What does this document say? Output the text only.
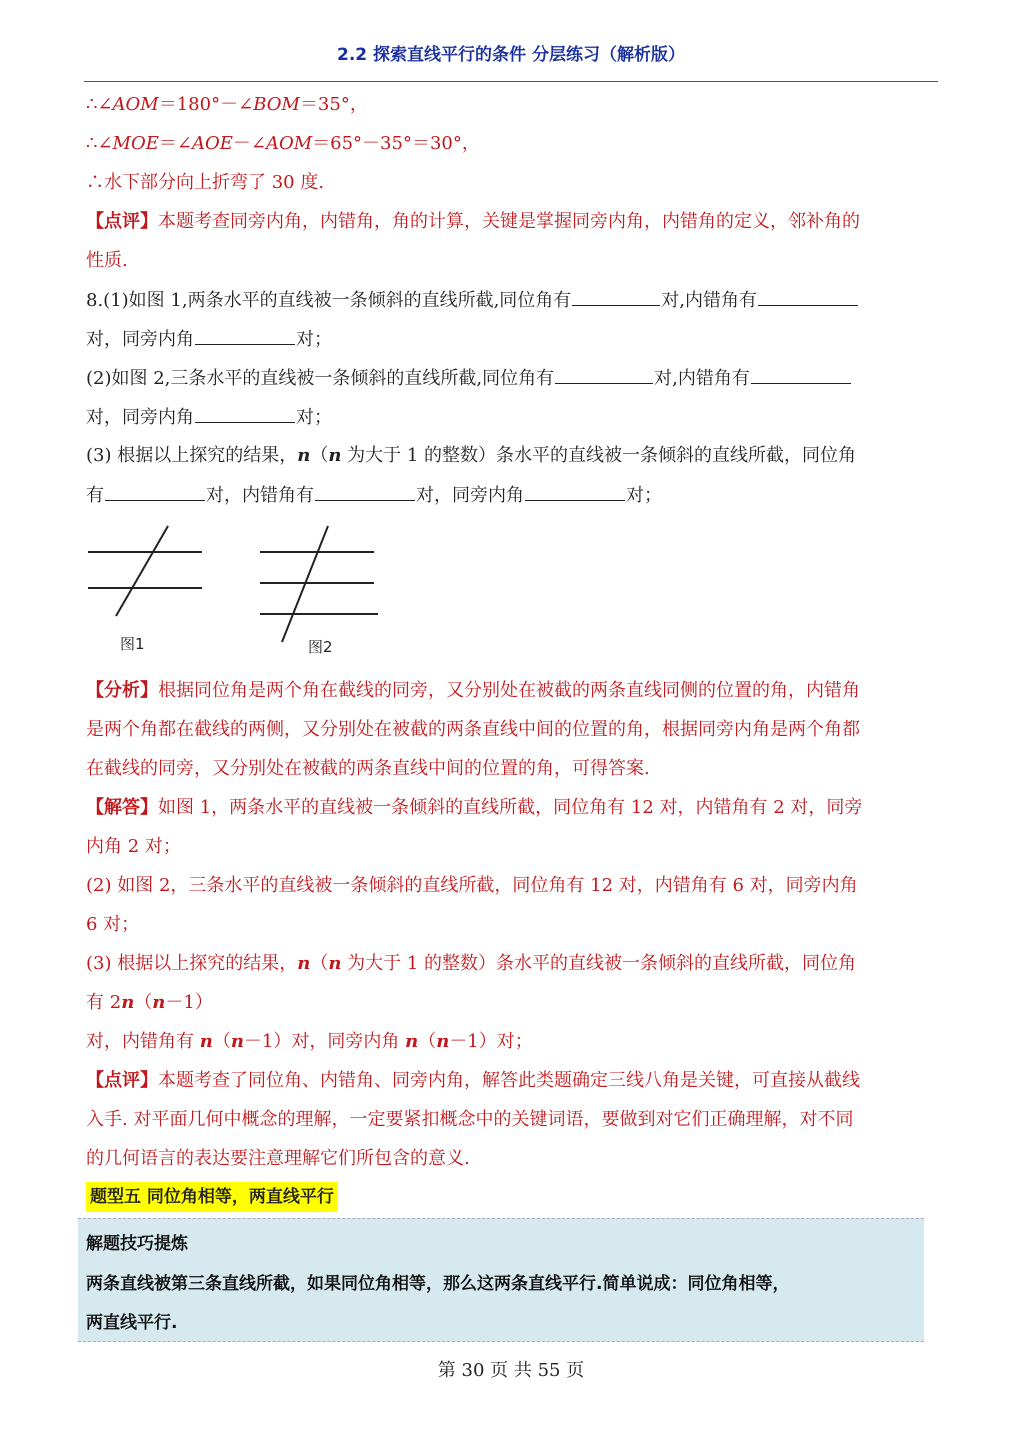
2.2 探索直线平行的条件 分层练习（解析版）
∴∠AOM＝180°－∠BOM＝35°，
∴∠MOE＝∠AOE－∠AOM＝65°－35°＝30°，
∴水下部分向上折弯了 30 度.
【点评】本题考查同旁内角，内错角，角的计算，关键是掌握同旁内角，内错角的定义，邻补角的
性质.
8.(1)如图 1,两条水平的直线被一条倾斜的直线所截,同位角有	对,内错角有
对，同旁内角	对；
(2)如图 2,三条水平的直线被一条倾斜的直线所截,同位角有	对,内错角有
对，同旁内角	对；
(3) 根据以上探究的结果，n（n 为大于 1 的整数）条水平的直线被一条倾斜的直线所截，同位角
有	对，内错角有	对，同旁内角	对；
图1	图2
【分析】根据同位角是两个角在截线的同旁，又分别处在被截的两条直线同侧的位置的角，内错角
是两个角都在截线的两侧，又分别处在被截的两条直线中间的位置的角，根据同旁内角是两个角都
在截线的同旁，又分别处在被截的两条直线中间的位置的角，可得答案.
【解答】如图 1，两条水平的直线被一条倾斜的直线所截，同位角有 12 对，内错角有 2 对，同旁
内角 2 对；
(2) 如图 2，三条水平的直线被一条倾斜的直线所截，同位角有 12 对，内错角有 6 对，同旁内角
6 对；
(3) 根据以上探究的结果，n（n 为大于 1 的整数）条水平的直线被一条倾斜的直线所截，同位角
有 2n（n－1）
对，内错角有 n（n－1）对，同旁内角 n（n－1）对；
【点评】本题考查了同位角、内错角、同旁内角，解答此类题确定三线八角是关键，可直接从截线
入手. 对平面几何中概念的理解，一定要紧扣概念中的关键词语，要做到对它们正确理解，对不同
的几何语言的表达要注意理解它们所包含的意义.
题型五 同位角相等，两直线平行
解题技巧提炼
两条直线被第三条直线所截，如果同位角相等，那么这两条直线平行.简单说成：同位角相等，
两直线平行.
第 30 页 共 55 页
